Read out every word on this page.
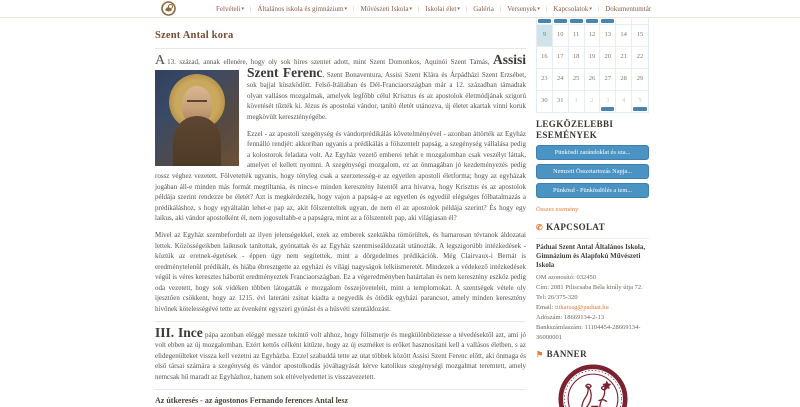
Felvételi▾ | Általános iskola és gimnázium▾ | Művészeti Iskola▾ | Iskolai élet▾ | Galéria | Versenyek▾ | Kapcsolatok▾ | Dokumentumtár
Szent Antal kora

A 13. század, annak ellenére, hogy oly sok híres szentet adott, mint Szent Domonkos, Aquinói Szent Tamás,
Assisi Szent Ferenc, Szent Bonaventura, Assisi Szent Klára és Árpádházi Szent Erzsébet, sok bajjal küszködött. Felső-Itáliában és Dél-Franciaországban már a 12. században támadtak olyan vallásos mozgalmak, amelyek legfőbb célul Krisztus és az apostolok életmódjának szigorú követését tűzték ki. Jézus és apostolai vándor, tanító életét utánozva, új életet akartak vinni koruk megkövült keresztényégébe.

Ezzel - az apostoli szegénység és vándorprédikálás követelményével - azonban áttörték az Egyház fennálló rendjét: akkoriban ugyanis a prédikálás a fölszentelt papság, a szegénység vállalása pedig a kolostorok feladata volt. Az Egyház vezető emberei tehát e mozgalomban csak veszélyt láttak, amelyet el kellett nyomni. A szegénységi mozgalom, ez az önmagában jó kezdeményezés pedig rossz véghez vezetett. Fölvetették ugyanis, hogy tényleg csak a szerzetesség-e az egyetlen apostoli életforma; hogy az egyházak jogában áll-e minden más formát megtiltania, és nincs-e minden keresztény Istentől arra hivatva, hogy Krisztus és az apostolok példája szerint rendezze be életét? Azt is megkérdezték, hogy vajon a papság-e az egyetlen és egyedül elégséges fölhatalmazás a prédikáláshoz, s hogy egyáltalán lehet-e pap az, akit fölszenteltek ugyan, de nem él az apostolok példája szerint? És hogy egy laikus, aki vándor apostolként él, nem jogosultabb-e a papságra, mint az a fölszentelt pap, aki világiasan él?

Mivel az Egyház szembefordult az ilyen jelenségekkel, ezek az emberek szektákba tömörültek, és hamarosan tévtanok áldozatai lettek. Közösségeikben laikusok tanítottak, gyóntattak és az Egyház szentmiseáldozatát utánozták. A legszigorúbb intézkedések - köztük az eretnek-égetések - éppen úgy nem segítettek, mint a dörgedelmes prédikációk. Még Clairvaux-i Bernát is eredménytelenül prédikált, és hiába ébresztgette az egyházi és világi nagyságok lelkiismeretét. Mindezek a védekező intézkedések végül is véres keresztes háborút eredményeztek Franciaországban. Ez a végeredményben határtalan és nem keresztény eszköz pedig oda vezetett, hogy sok vidéken többen látogatták e mozgalom összejöveteleit, mint a templomokat. A szentségek vétele oly ijesztően csökkent, hogy az 1215. évi lateráni zsinat kiadta a negyedik és ötödik egyházi parancsot, amely minden keresztény hívőnek kötelességévé tette az évenként egyszeri gyónást és a húsvéti szentáldozást.

III. Ince pápa azonban eléggé messze tekintő volt ahhoz, hogy fölismerje és megkülönböztesse a tévedésektől azt, ami jó volt ebben az új mozgalomban. Ezért kettős célként kitűzte, hogy az új eszméket is erőket hasznosítani kell a vallásos életben, s az elidegenülteket vissza kell vezetni az Egyházba. Ezzel szabaddá tette az utat többek között Assisi Szent Ferenc előtt, aki önmaga és első társai számára a szegénység és vándor apostolkodás jóváhagyását kérve katolikus szegénységi mozgalmat teremtett, amely nemcsak hű maradt az Egyházhoz, hanem sok eltévelyedettet is visszavezetett.

Az útkeresés - az ágostonos Fernando ferences Antal lesz

9	10	11	12	13	14	15
16	17	18	19	20	21	22
23	24	25	26	27	28	29
30	31	1	2	3	4	5
LEGKÖZELEBBI ESEMÉNYEK
Pünkösdi zarándoklat és sza...
Nemzeti Összetartozás Napja...
Pünkösd - Pünkösdölés a tem...
Összes esemény
✆ KAPCSOLAT
Páduai Szent Antal Általános Iskola, Gimnázium és Alapfokú Művészeti Iskola
OM azonosító: 032450
Cím: 2081 Piliscsaba Béla király útja 72.
Tel: 26/375-320
Email: titkarsag@paduai.hu
Adószám: 18669134-2-13
Bankszámlaszám: 11104454-28669134-36000001
⚑ BANNER
